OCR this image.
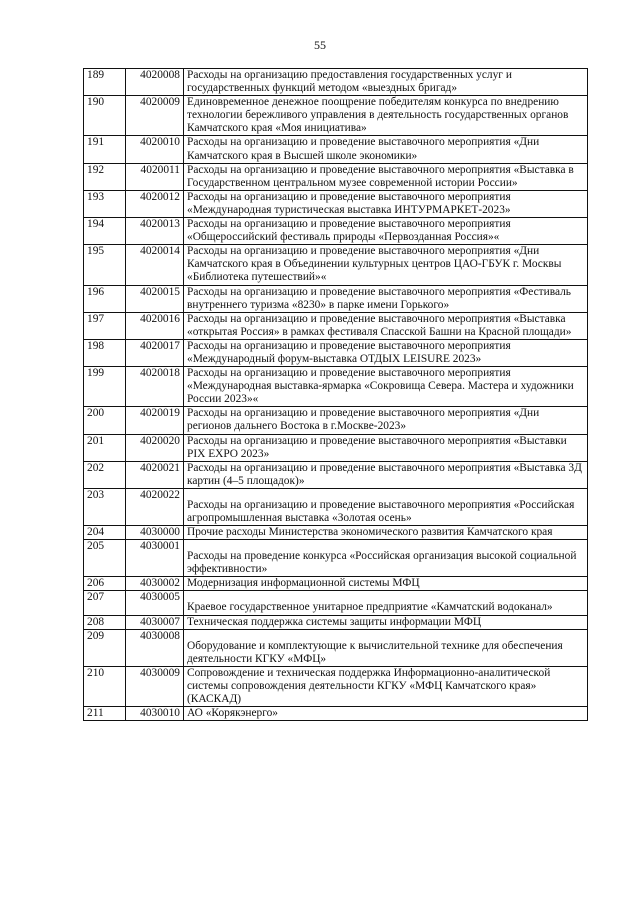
55
189	4020008	Расходы на организацию предоставления государственных услуг и государственных функций методом «выездных бригад»
190	4020009	Единовременное денежное поощрение победителям конкурса по внедрению технологии бережливого управления в деятельность государственных органов Камчатского края «Моя инициатива»
191	4020010	Расходы на организацию и проведение выставочного мероприятия «Дни Камчатского края в Высшей школе экономики»
192	4020011	Расходы на организацию и проведение выставочного мероприятия «Выставка в Государственном центральном музее современной истории России»
193	4020012	Расходы на организацию и проведение выставочного мероприятия «Международная туристическая выставка ИНТУРМАРКЕТ-2023»
194	4020013	Расходы на организацию и проведение выставочного мероприятия «Общероссийский фестиваль природы «Первозданная Россия»«
195	4020014	Расходы на организацию и проведение выставочного мероприятия «Дни Камчатского края в Объединении культурных центров ЦАО-ГБУК г. Москвы «Библиотека путешествий»«
196	4020015	Расходы на организацию и проведение выставочного мероприятия «Фестиваль внутреннего туризма «8230» в парке имени Горького»
197	4020016	Расходы на организацию и проведение выставочного мероприятия «Выставка «открытая Россия» в рамках фестиваля Спасской Башни на Красной площади»
198	4020017	Расходы на организацию и проведение выставочного мероприятия «Международный форум-выставка ОТДЫХ LEISURE 2023»
199	4020018	Расходы на организацию и проведение выставочного мероприятия «Международная выставка-ярмарка «Сокровища Севера. Мастера и художники России 2023»«
200	4020019	Расходы на организацию и проведение выставочного мероприятия «Дни регионов дальнего Востока в г.Москве-2023»
201	4020020	Расходы на организацию и проведение выставочного мероприятия «Выставки PIX EXPO 2023»
202	4020021	Расходы на организацию и проведение выставочного мероприятия «Выставка 3Д картин (4–5 площадок)»
203	4020022	Расходы на организацию и проведение выставочного мероприятия «Российская агропромышленная выставка «Золотая осень»
204	4030000	Прочие расходы Министерства экономического развития Камчатского края
205	4030001	Расходы на проведение конкурса «Российская организация высокой социальной эффективности»
206	4030002	Модернизация информационной системы МФЦ
207	4030005	Краевое государственное унитарное предприятие «Камчатский водоканал»
208	4030007	Техническая поддержка системы защиты информации МФЦ
209	4030008	Оборудование и комплектующие к вычислительной технике для обеспечения деятельности КГКУ «МФЦ»
210	4030009	Сопровождение и техническая поддержка Информационно-аналитической системы сопровождения деятельности КГКУ «МФЦ Камчатского края» (КАСКАД)
211	4030010	АО «Корякэнерго»
